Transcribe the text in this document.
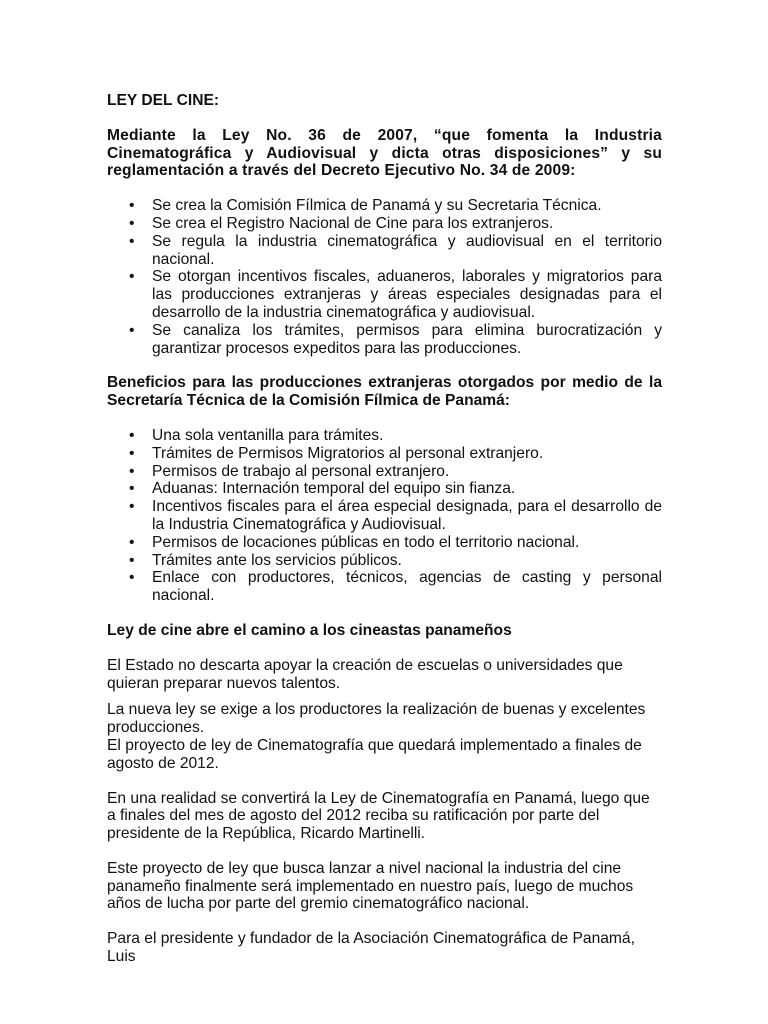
LEY DEL CINE:

Mediante la Ley No. 36 de 2007, “que fomenta la Industria Cinematográfica y Audiovisual y dicta otras disposiciones” y su reglamentación a través del Decreto Ejecutivo No. 34 de 2009:

• Se crea la Comisión Fílmica de Panamá y su Secretaria Técnica.
• Se crea el Registro Nacional de Cine para los extranjeros.
• Se regula la industria cinematográfica y audiovisual en el territorio nacional.
• Se otorgan incentivos fiscales, aduaneros, laborales y migratorios para las producciones extranjeras y áreas especiales designadas para el desarrollo de la industria cinematográfica y audiovisual.
• Se canaliza los trámites, permisos para elimina burocratización y garantizar procesos expeditos para las producciones.

Beneficios para las producciones extranjeras otorgados por medio de la Secretaría Técnica de la Comisión Fílmica de Panamá:

• Una sola ventanilla para trámites.
• Trámites de Permisos Migratorios al personal extranjero.
• Permisos de trabajo al personal extranjero.
• Aduanas: Internación temporal del equipo sin fianza.
• Incentivos fiscales para el área especial designada, para el desarrollo de la Industria Cinematográfica y Audiovisual.
• Permisos de locaciones públicas en todo el territorio nacional.
• Trámites ante los servicios públicos.
• Enlace con productores, técnicos, agencias de casting y personal nacional.

Ley de cine abre el camino a los cineastas panameños

El Estado no descarta apoyar la creación de escuelas o universidades que quieran preparar nuevos talentos.

La nueva ley se exige a los productores la realización de buenas y excelentes producciones.

El proyecto de ley de Cinematografía que quedará implementado a finales de agosto de 2012.

En una realidad se convertirá la Ley de Cinematografía en Panamá, luego que a finales del mes de agosto del 2012 reciba su ratificación por parte del presidente de la República, Ricardo Martinelli.

Este proyecto de ley que busca lanzar a nivel nacional la industria del cine panameño finalmente será implementado en nuestro país, luego de muchos años de lucha por parte del gremio cinematográfico nacional.

Para el presidente y fundador de la Asociación Cinematográfica de Panamá, Luis
